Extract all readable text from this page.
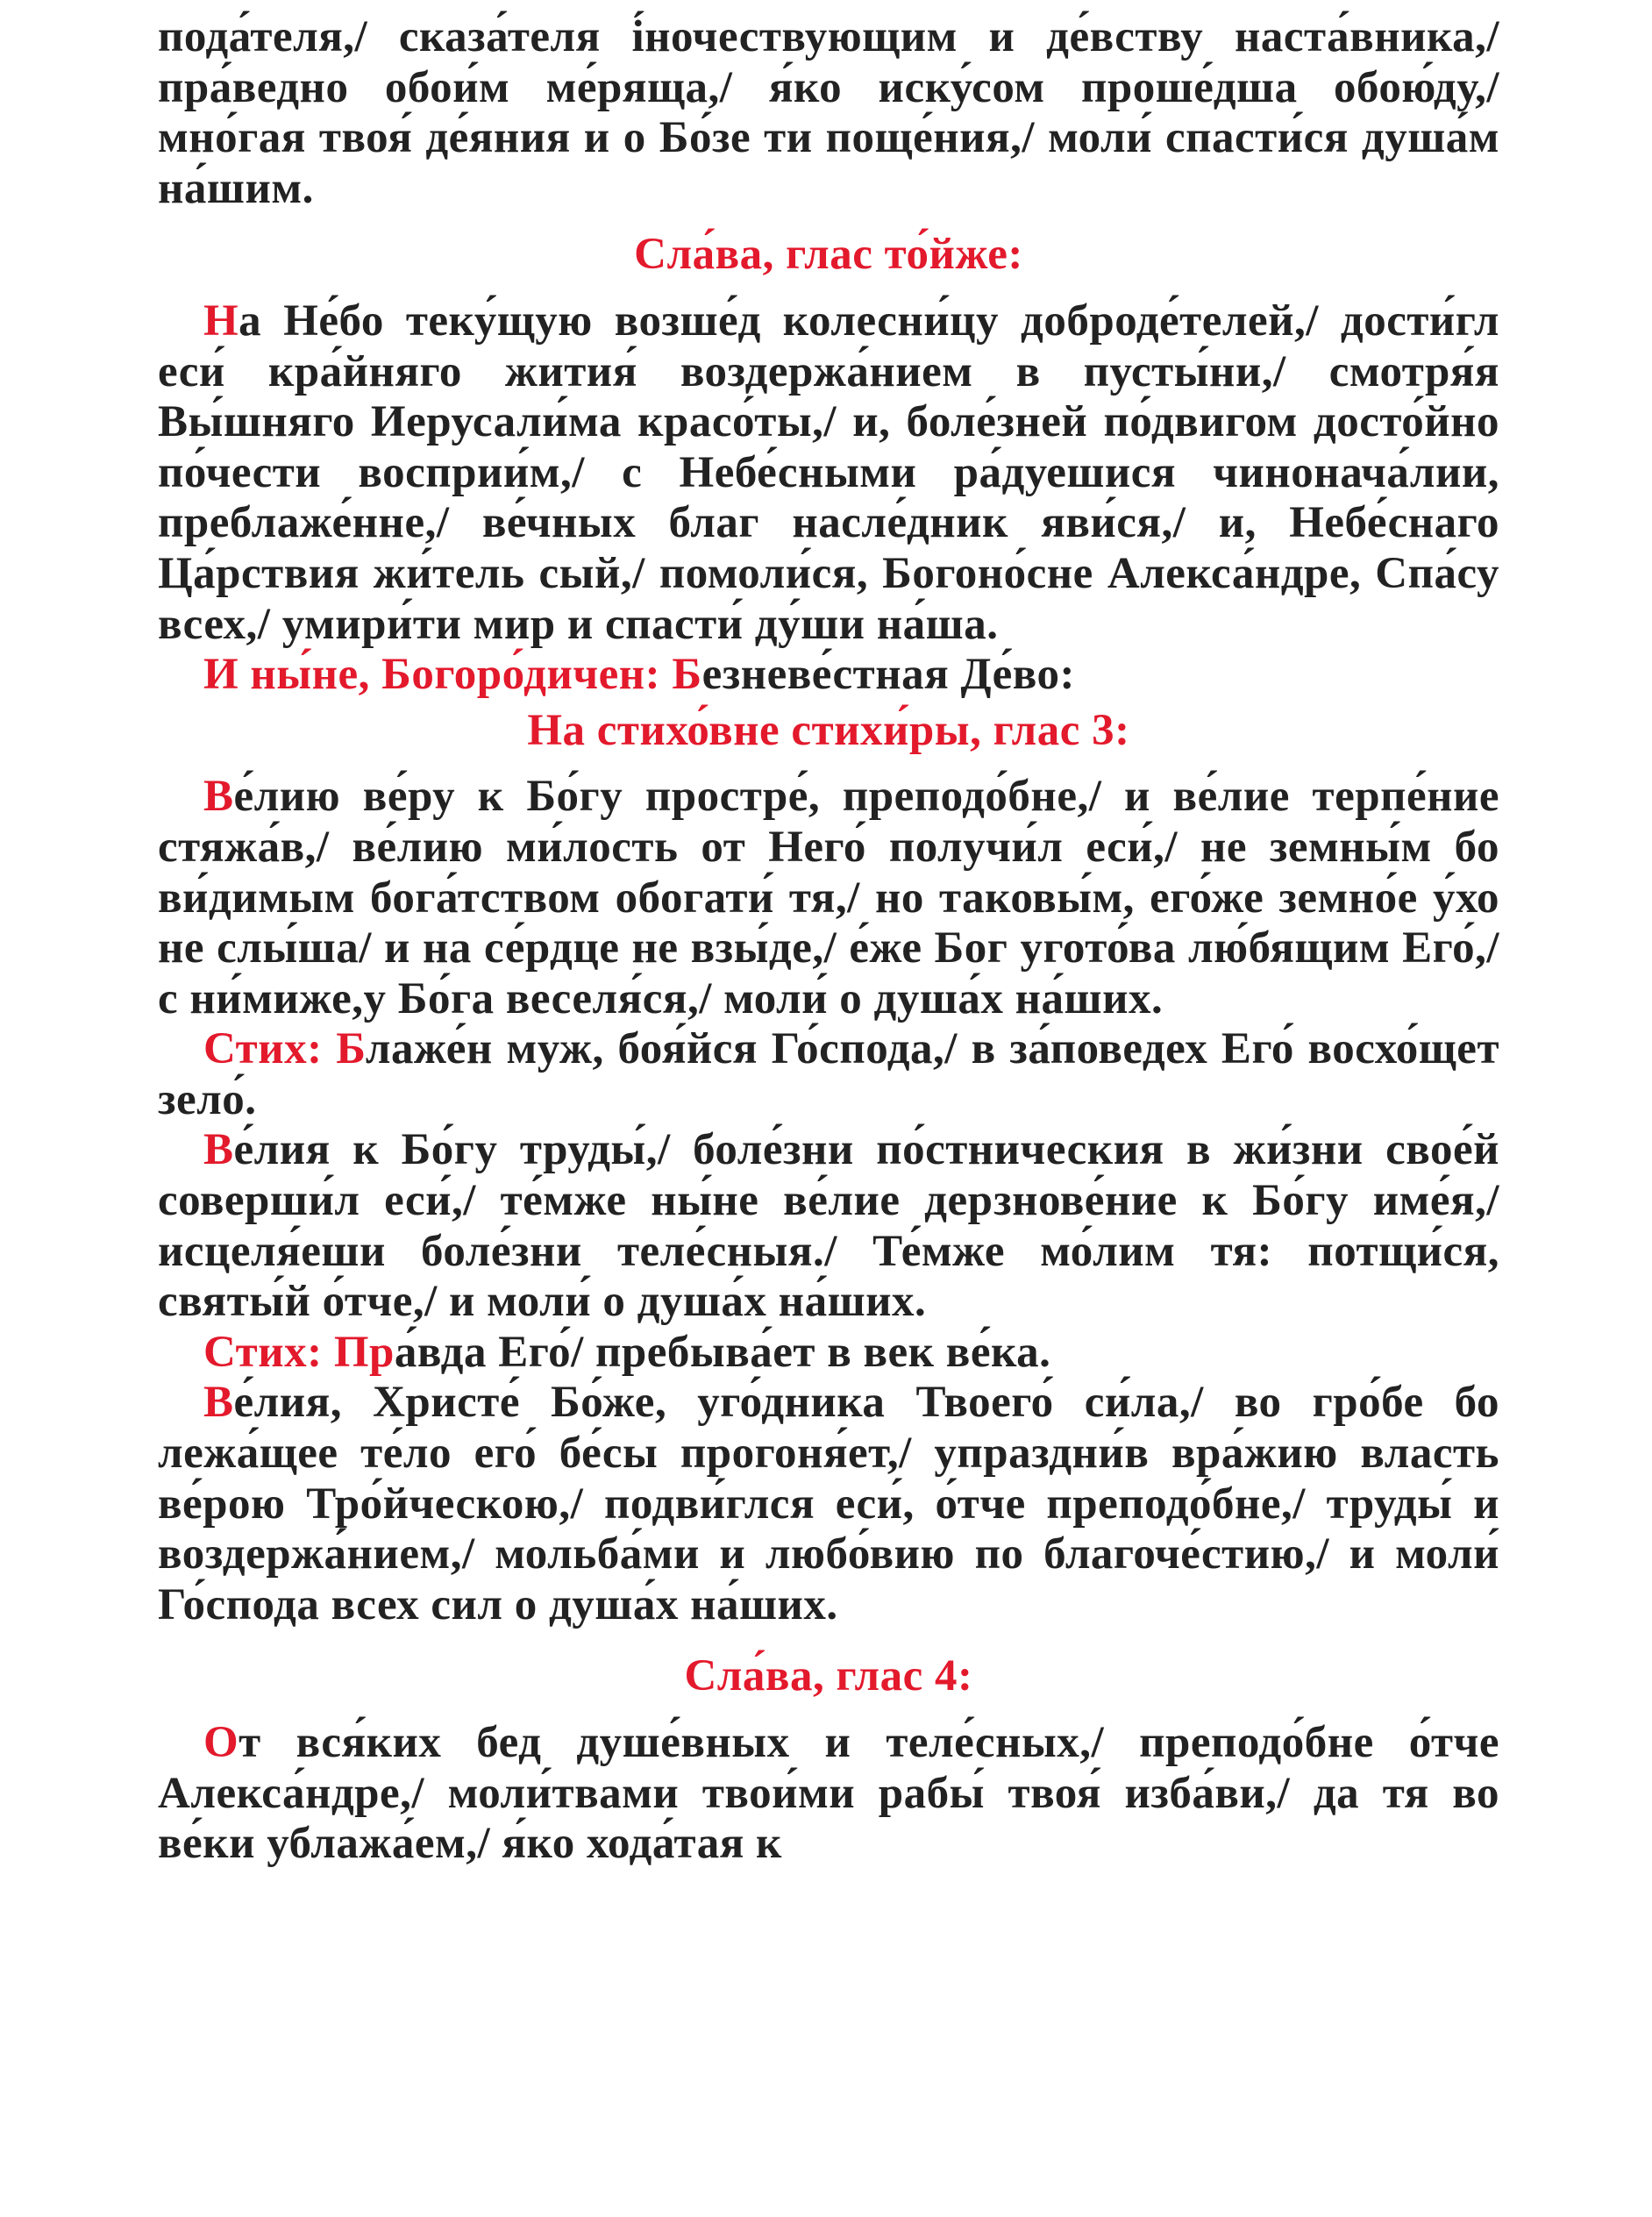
пода́теля,/ сказа́теля і́ночествующим и де́вству наста́вника,/ пра́ведно обои́м ме́ряща,/ я́ко иску́сом проше́дша обою́ду,/ мно́гая твоя́ де́яния и о Бо́зе ти поще́ния,/ моли́ спасти́ся душа́м на́шим.

Сла́ва, глас то́йже:

На Не́бо теку́щую возше́д колесни́цу доброде́телей,/ дости́гл еси́ кра́йняго жития́ воздержа́нием в пусты́ни,/ смотря́я Вы́шняго Иерусали́ма красо́ты,/ и, боле́зней по́двигом досто́йно по́чести восприи́м,/ с Небе́сными ра́дуешися чинонача́лии, преблаже́нне,/ ве́чных благ насле́дник яви́ся,/ и, Небе́снаго Ца́рствия жи́тель сый,/ помоли́ся, Богоно́сне Алекса́ндре, Спа́су всех,/ умири́ти мир и спасти́ ду́ши на́ша.

И ны́не, Богоро́дичен: Безневе́стная Де́во:

На стихо́вне стихи́ры, глас 3:

Ве́лию ве́ру к Бо́гу простре́, преподо́бне,/ и ве́лие терпе́ние стяжа́в,/ ве́лию ми́лость от Него́ получи́л еси́,/ не земны́м бо ви́димым бога́тством обогати́ тя,/ но таковы́м, его́же земно́е у́хо не слы́ша/ и на се́рдце не взы́де,/ е́же Бог угото́ва лю́бящим Его́,/ с ни́миже,у Бо́га веселя́ся,/ моли́ о душа́х на́ших.

Стих: Блаже́н муж, боя́йся Го́спода,/ в за́поведех Его́ восхо́щет зело́.

Ве́лия к Бо́гу труды́,/ боле́зни по́стническия в жи́зни свое́й соверши́л еси́,/ те́мже ны́не ве́лие дерзнове́ние к Бо́гу име́я,/ исцеля́еши боле́зни теле́сныя./ Те́мже мо́лим тя: потщи́ся, святы́й о́тче,/ и моли́ о душа́х на́ших.

Стих: Пра́вда Его́/ пребыва́ет в век ве́ка.

Ве́лия, Христе́ Бо́же, уго́дника Твоего́ си́ла,/ во гро́бе бо лежа́щее те́ло его́ бе́сы прогоня́ет,/ упраздни́в вра́жию власть ве́рою Тро́йческою,/ подви́глся еси́, о́тче преподо́бне,/ труды́ и воздержа́нием,/ мольба́ми и любо́вию по благоче́стию,/ и моли́ Го́спода всех сил о душа́х на́ших.

Сла́ва, глас 4:

От вся́ких бед душе́вных и теле́сных,/ преподо́бне о́тче Алекса́ндре,/ моли́твами твои́ми рабы́ твоя́ изба́ви,/ да тя во ве́ки ублажа́ем,/ я́ко хода́тая к
